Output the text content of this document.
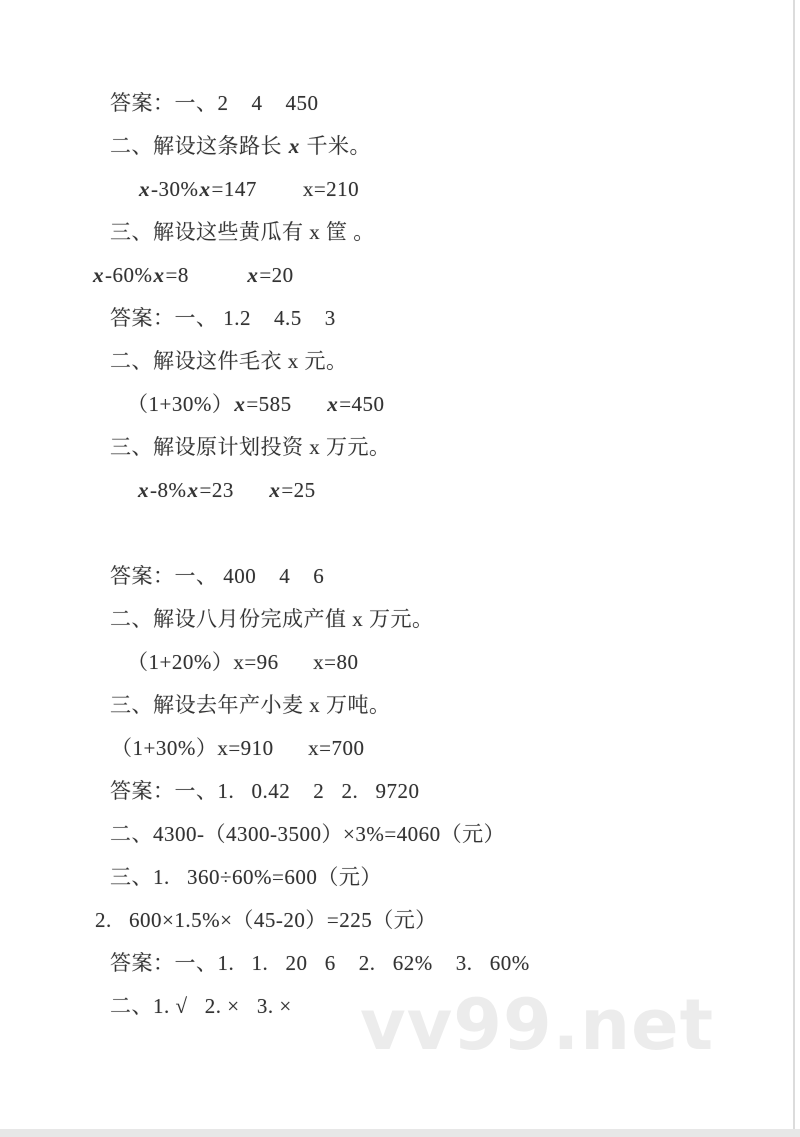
vv99.net
答案：一、2    4    450
二、解设这条路长 x 千米。
x-30%x=147        x=210
三、解设这些黄瓜有 x 筐 。
x-60%x=8          x=20
答案：一、 1.2    4.5    3
二、解设这件毛衣 x 元。
（1+30%）x=585      x=450
三、解设原计划投资 x 万元。
x-8%x=23      x=25
答案：一、 400    4    6
二、解设八月份完成产值 x 万元。
（1+20%）x=96      x=80
三、解设去年产小麦 x 万吨。
（1+30%）x=910      x=700
答案：一、1.   0.42    2   2.   9720
二、4300-（4300-3500）×3%=4060（元）
三、1.   360÷60%=600（元）
2.   600×1.5%×（45-20）=225（元）
答案：一、1.   1.   20   6    2.   62%    3.   60%
二、1. √   2. ×   3. ×
